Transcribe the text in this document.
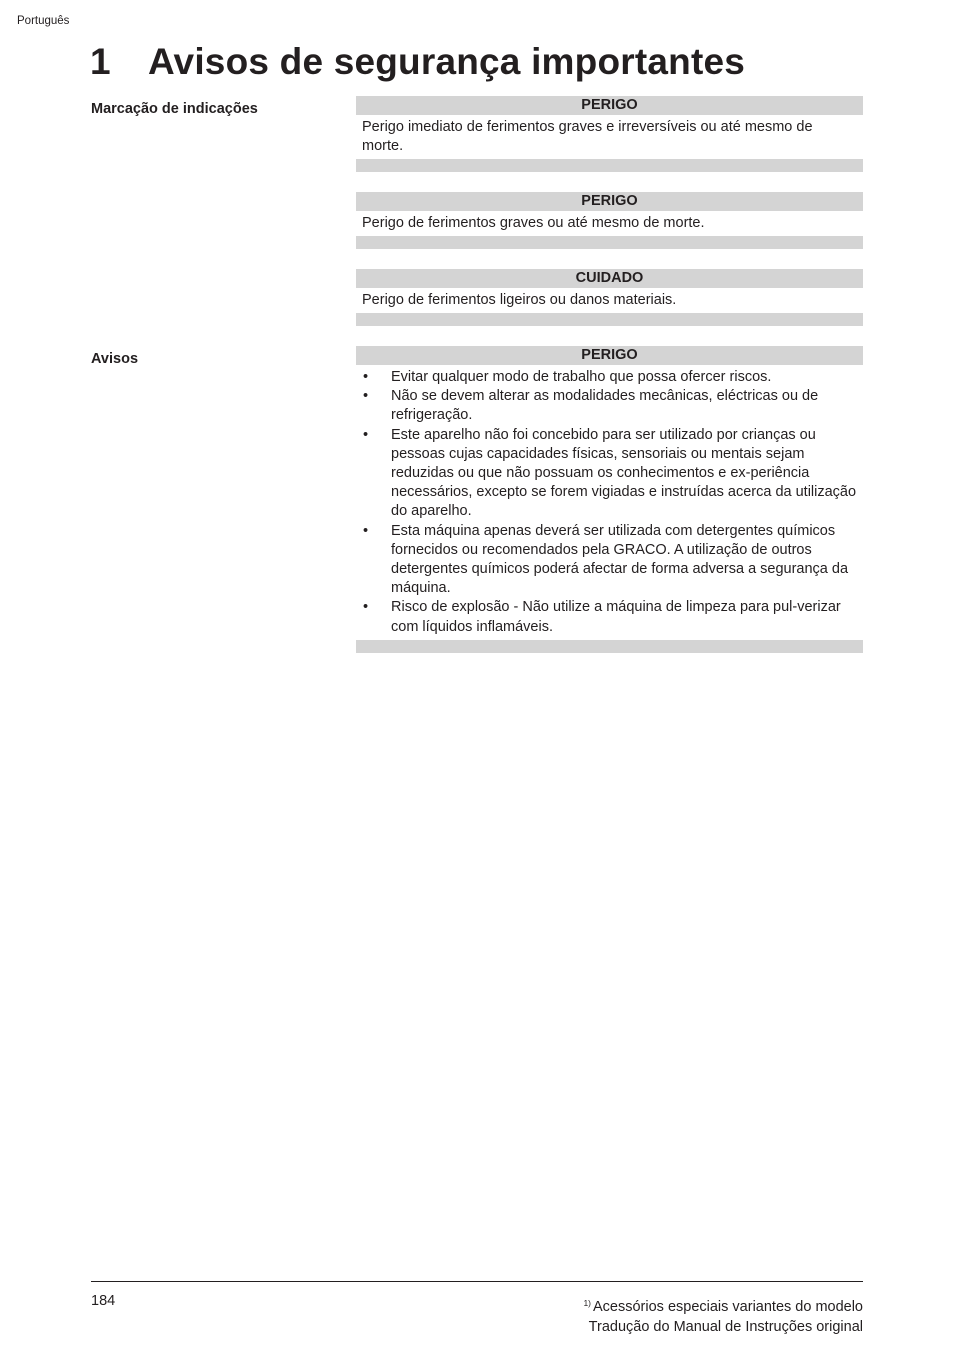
Português
1 Avisos de segurança importantes
Marcação de indicações	PERIGO
Perigo imediato de ferimentos graves e irreversíveis ou até mesmo de morte.
PERIGO
Perigo de ferimentos graves ou até mesmo de morte.
CUIDADO
Perigo de ferimentos ligeiros ou danos materiais.
Avisos	PERIGO
• Evitar qualquer modo de trabalho que possa ofercer riscos.
• Não se devem alterar as modalidades mecânicas, eléctricas ou de refrigeração.
• Este aparelho não foi concebido para ser utilizado por crianças ou pessoas cujas capacidades físicas, sensoriais ou mentais sejam reduzidas ou que não possuam os conhecimentos e ex-periência necessários, excepto se forem vigiadas e instruídas acerca da utilização do aparelho.
• Esta máquina apenas deverá ser utilizada com detergentes químicos fornecidos ou recomendados pela GRACO. A utilização de outros detergentes químicos poderá afectar de forma adversa a segurança da máquina.
• Risco de explosão - Não utilize a máquina de limpeza para pul-verizar com líquidos inflamáveis.
184	$^{1)}$ Acessórios especiais variantes do modelo
Tradução do Manual de Instruções original
